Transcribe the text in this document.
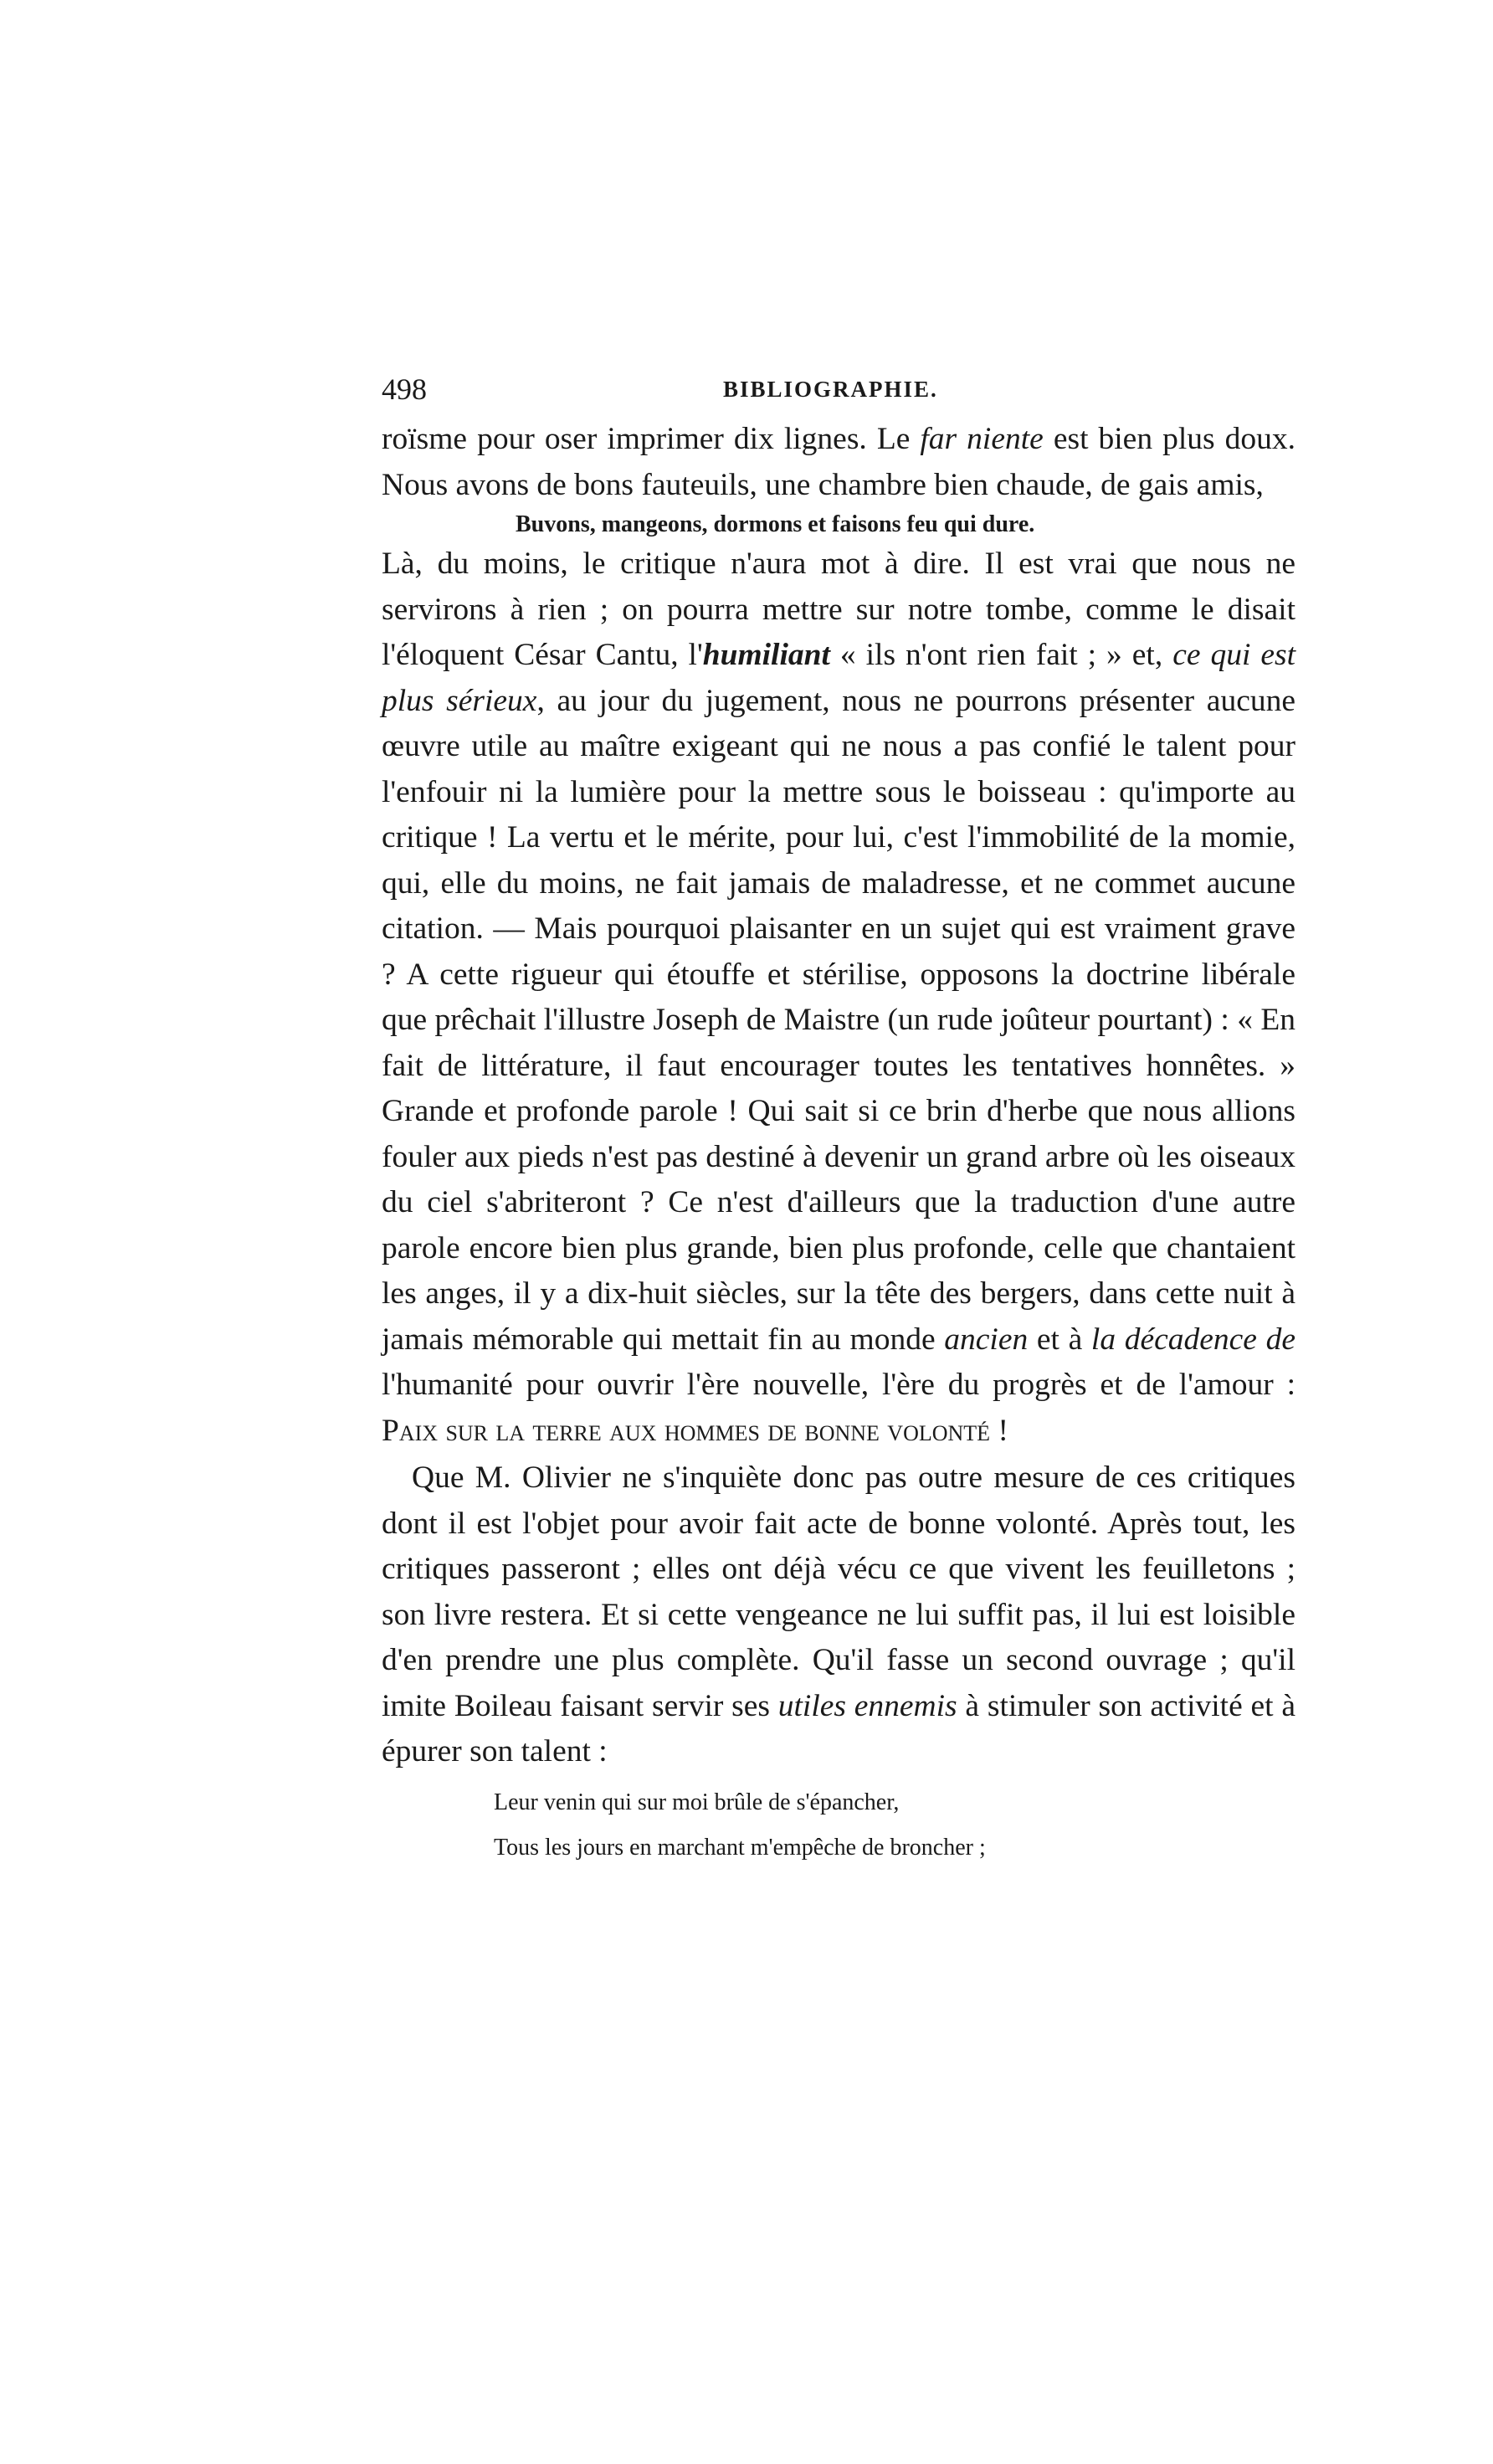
498	BIBLIOGRAPHIE.

roïsme pour oser imprimer dix lignes. Le far niente est bien plus doux. Nous avons de bons fauteuils, une chambre bien chaude, de gais amis,

Buvons, mangeons, dormons et faisons feu qui dure.

Là, du moins, le critique n'aura mot à dire. Il est vrai que nous ne servirons à rien ; on pourra mettre sur notre tombe, comme le disait l'éloquent César Cantu, l'humiliant « ils n'ont rien fait ; » et, ce qui est plus sérieux, au jour du jugement, nous ne pourrons présenter aucune œuvre utile au maître exigeant qui ne nous a pas confié le talent pour l'enfouir ni la lumière pour la mettre sous le boisseau : qu'importe au critique ! La vertu et le mérite, pour lui, c'est l'immobilité de la momie, qui, elle du moins, ne fait jamais de maladresse, et ne commet aucune citation. — Mais pourquoi plaisanter en un sujet qui est vraiment grave ? A cette rigueur qui étouffe et stérilise, opposons la doctrine libérale que prêchait l'illustre Joseph de Maistre (un rude joûteur pourtant) : « En fait de littérature, il faut encourager toutes les tentatives honnêtes. » Grande et profonde parole ! Qui sait si ce brin d'herbe que nous allions fouler aux pieds n'est pas destiné à devenir un grand arbre où les oiseaux du ciel s'abriteront ? Ce n'est d'ailleurs que la traduction d'une autre parole encore bien plus grande, bien plus profonde, celle que chantaient les anges, il y a dix-huit siècles, sur la tête des bergers, dans cette nuit à jamais mémorable qui mettait fin au monde ancien et à la décadence de l'humanité pour ouvrir l'ère nouvelle, l'ère du progrès et de l'amour : Paix sur la terre aux hommes de bonne volonté !

Que M. Olivier ne s'inquiète donc pas outre mesure de ces critiques dont il est l'objet pour avoir fait acte de bonne volonté. Après tout, les critiques passeront ; elles ont déjà vécu ce que vivent les feuilletons ; son livre restera. Et si cette vengeance ne lui suffit pas, il lui est loisible d'en prendre une plus complète. Qu'il fasse un second ouvrage ; qu'il imite Boileau faisant servir ses utiles ennemis à stimuler son activité et à épurer son talent :

Leur venin qui sur moi brûle de s'épancher,
Tous les jours en marchant m'empêche de broncher ;
